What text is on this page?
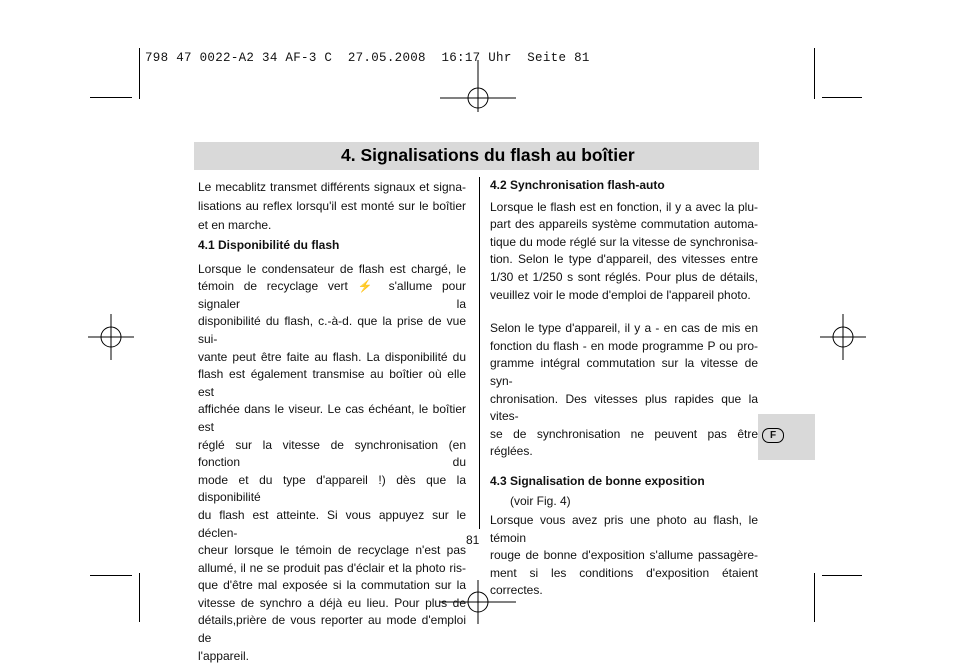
798 47 0022-A2 34 AF-3 C  27.05.2008  16:17 Uhr  Seite 81
4. Signalisations du flash au boîtier

Le mecablitz transmet différents signaux et signa-

lisations au reflex lorsqu'il est monté sur le boîtier

et en marche.

4.1 Disponibilité du flash

Lorsque le condensateur de flash est chargé, le

témoin de recyclage vert ⚡ s'allume pour signaler la

disponibilité du flash, c.-à-d. que la prise de vue sui-

vante peut être faite au flash. La disponibilité du

flash est également transmise au boîtier où elle est

affichée dans le viseur. Le cas échéant, le boîtier est

réglé sur la vitesse de synchronisation (en fonction du

mode et du type d'appareil !) dès que la disponibilité

du flash est atteinte. Si vous appuyez sur le déclen-

cheur lorsque le témoin de recyclage n'est pas

allumé, il ne se produit pas d'éclair et la photo ris-

que d'être mal exposée si la commutation sur la

vitesse de synchro a déjà eu lieu. Pour plus de

détails,prière de vous reporter au mode d'emploi de

l'appareil.

4.2 Synchronisation flash-auto

Lorsque le flash est en fonction, il y a avec la plu-

part des appareils système commutation automa-

tique du mode réglé sur la vitesse de synchronisa-

tion. Selon le type d'appareil, des vitesses entre

1/30 et 1/250 s sont réglés. Pour plus de détails,

veuillez voir le mode d'emploi de l'appareil photo.

Selon le type d'appareil, il y a - en cas de mis en

fonction du flash - en mode programme P ou pro-

gramme intégral commutation sur la vitesse de syn-

chronisation. Des vitesses plus rapides que la vites-

se de synchronisation ne peuvent pas être réglées.

4.3 Signalisation de bonne exposition

(voir Fig. 4)

Lorsque vous avez pris une photo au flash, le témoin

rouge de bonne d'exposition s'allume passagère-

ment si les conditions d'exposition étaient correctes.

F
81
